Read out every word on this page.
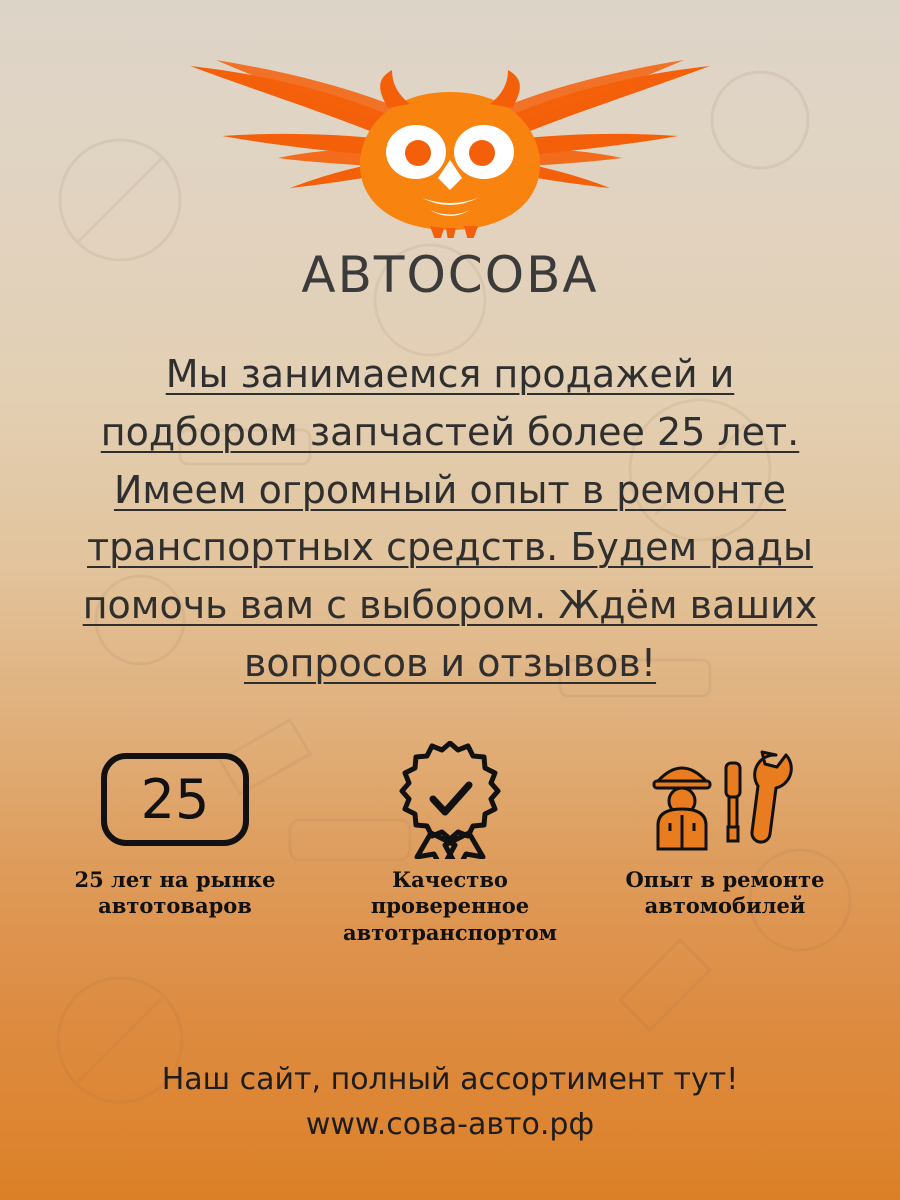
АВТОСОВА
Мы занимаемся продажей и подбором запчастей более 25 лет. Имеем огромный опыт в ремонте транспортных средств. Будем рады помочь вам с выбором. Ждём ваших вопросов и отзывов!
25
25 лет на рынке автотоваров
Качество проверенное автотранспортом
Опыт в ремонте автомобилей
Наш сайт, полный ассортимент тут!
www.сова-авто.рф
